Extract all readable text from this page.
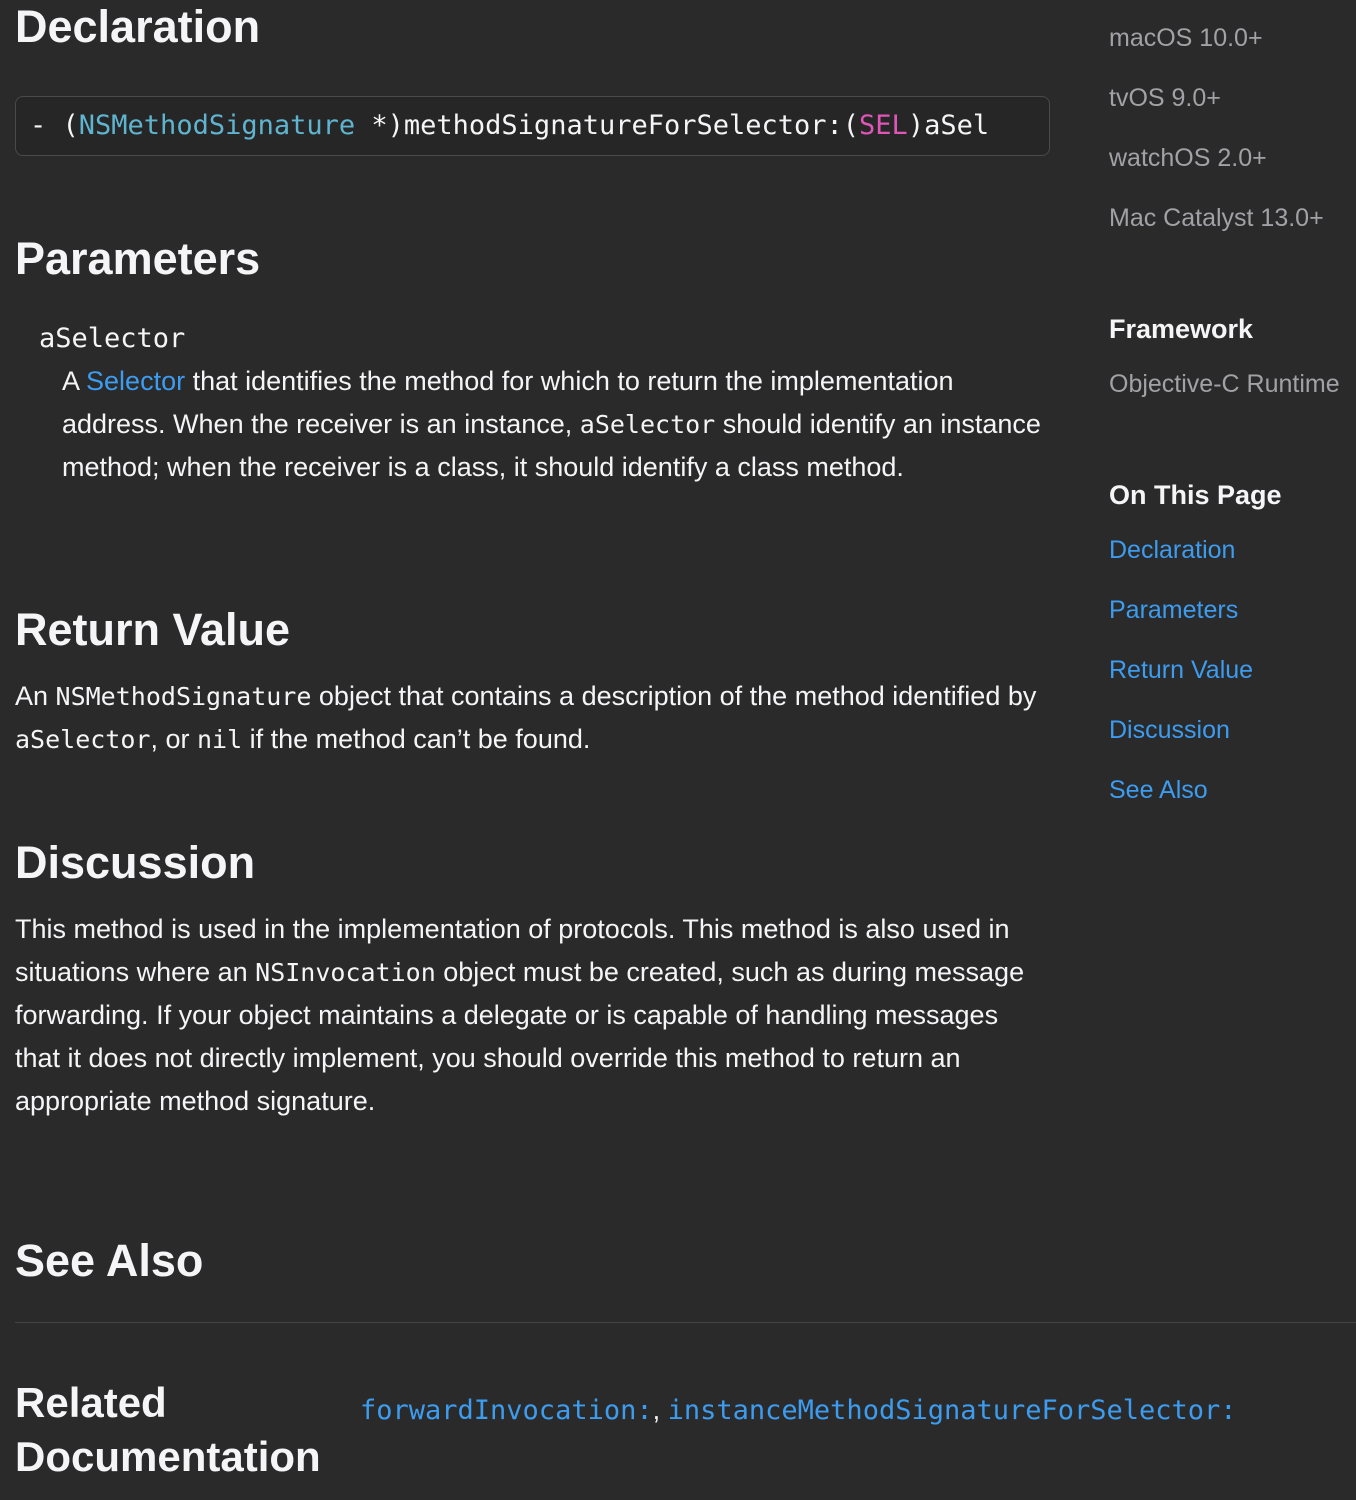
Declaration
- (NSMethodSignature *)methodSignatureForSelector:(SEL)aSel
Parameters
aSelector
A Selector that identifies the method for which to return the implementation address. When the receiver is an instance, aSelector should identify an instance method; when the receiver is a class, it should identify a class method.
Return Value
An NSMethodSignature object that contains a description of the method identified by aSelector, or nil if the method can’t be found.
Discussion
This method is used in the implementation of protocols. This method is also used in situations where an NSInvocation object must be created, such as during message forwarding. If your object maintains a delegate or is capable of handling messages that it does not directly implement, you should override this method to return an appropriate method signature.
See Also
Related Documentation
forwardInvocation:, instanceMethodSignatureForSelector:
macOS 10.0+
tvOS 9.0+
watchOS 2.0+
Mac Catalyst 13.0+
Framework
Objective-C Runtime
On This Page
Declaration
Parameters
Return Value
Discussion
See Also
